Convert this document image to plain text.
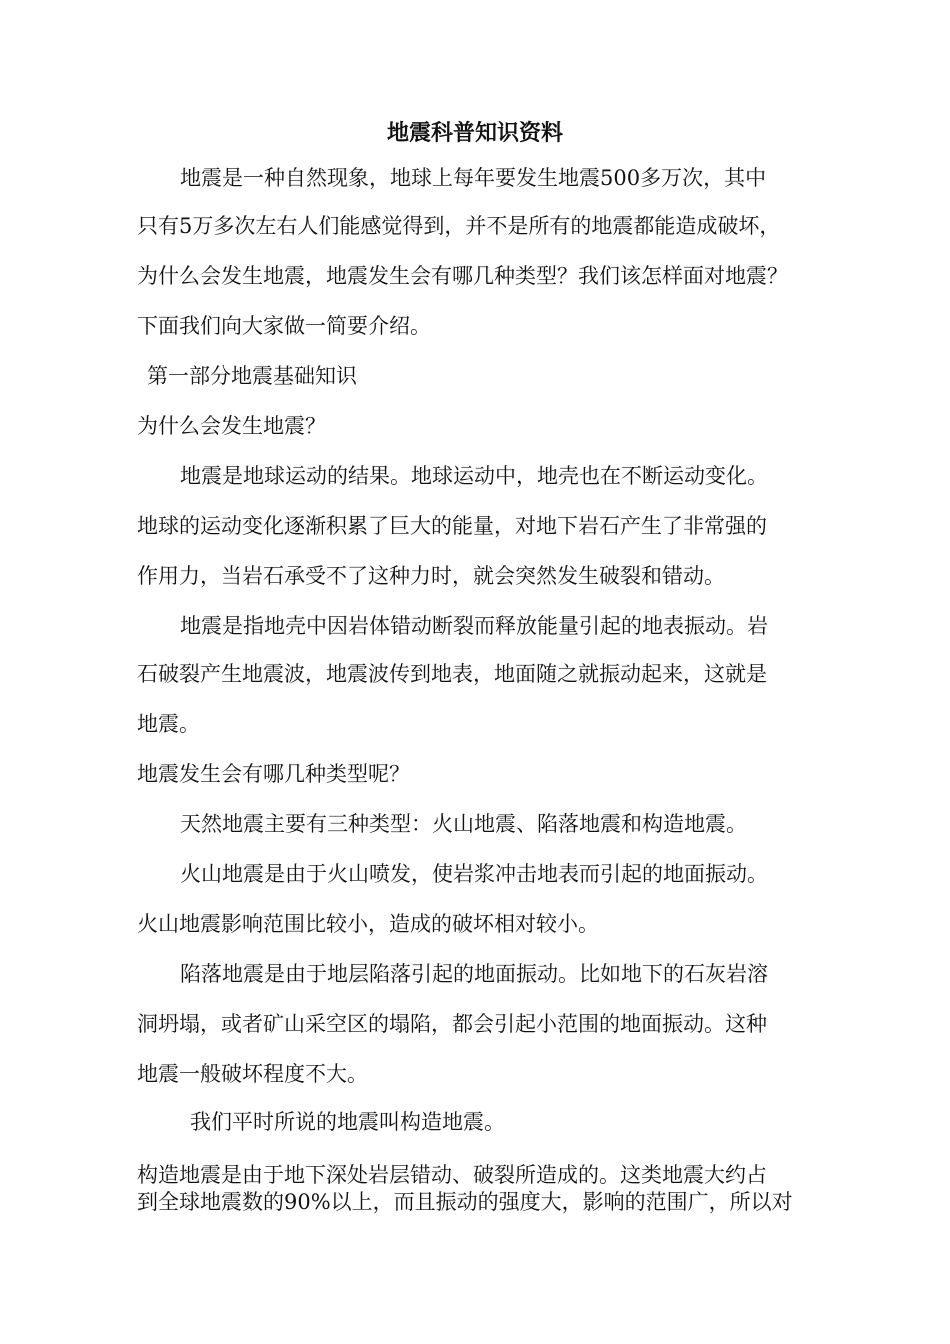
地震科普知识资料

地震是一种自然现象，地球上每年要发生地震500多万次，其中

只有5万多次左右人们能感觉得到，并不是所有的地震都能造成破坏，

为什么会发生地震，地震发生会有哪几种类型？我们该怎样面对地震？

下面我们向大家做一简要介绍。

第一部分地震基础知识

为什么会发生地震？

地震是地球运动的结果。地球运动中，地壳也在不断运动变化。

地球的运动变化逐渐积累了巨大的能量，对地下岩石产生了非常强的

作用力，当岩石承受不了这种力时，就会突然发生破裂和错动。

地震是指地壳中因岩体错动断裂而释放能量引起的地表振动。岩

石破裂产生地震波，地震波传到地表，地面随之就振动起来，这就是

地震。

地震发生会有哪几种类型呢？

天然地震主要有三种类型：火山地震、陷落地震和构造地震。

火山地震是由于火山喷发，使岩浆冲击地表而引起的地面振动。

火山地震影响范围比较小，造成的破坏相对较小。

陷落地震是由于地层陷落引起的地面振动。比如地下的石灰岩溶

洞坍塌，或者矿山采空区的塌陷，都会引起小范围的地面振动。这种

地震一般破坏程度不大。

我们平时所说的地震叫构造地震。

构造地震是由于地下深处岩层错动、破裂所造成的。这类地震大约占

到全球地震数的90%以上，而且振动的强度大，影响的范围广，所以对
